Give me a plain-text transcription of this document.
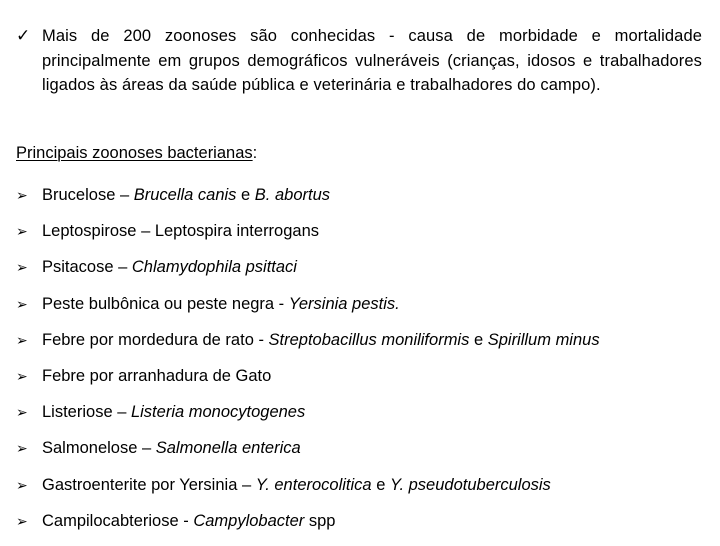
✓ Mais de 200 zoonoses são conhecidas - causa de morbidade e mortalidade principalmente em grupos demográficos vulneráveis (crianças, idosos e trabalhadores ligados às áreas da saúde pública e veterinária e trabalhadores do campo).
Principais zoonoses bacterianas:
➢ Brucelose – Brucella canis e B. abortus
➢ Leptospirose – Leptospira interrogans
➢ Psitacose – Chlamydophila psittaci
➢ Peste bulbônica ou peste negra - Yersinia pestis.
➢ Febre por mordedura de rato - Streptobacillus moniliformis e Spirillum minus
➢ Febre por arranhadura de Gato
➢ Listeriose – Listeria monocytogenes
➢ Salmonelose – Salmonella enterica
➢ Gastroenterite por Yersinia – Y. enterocolitica e Y. pseudotuberculosis
➢ Campilocabteriose - Campylobacter spp
